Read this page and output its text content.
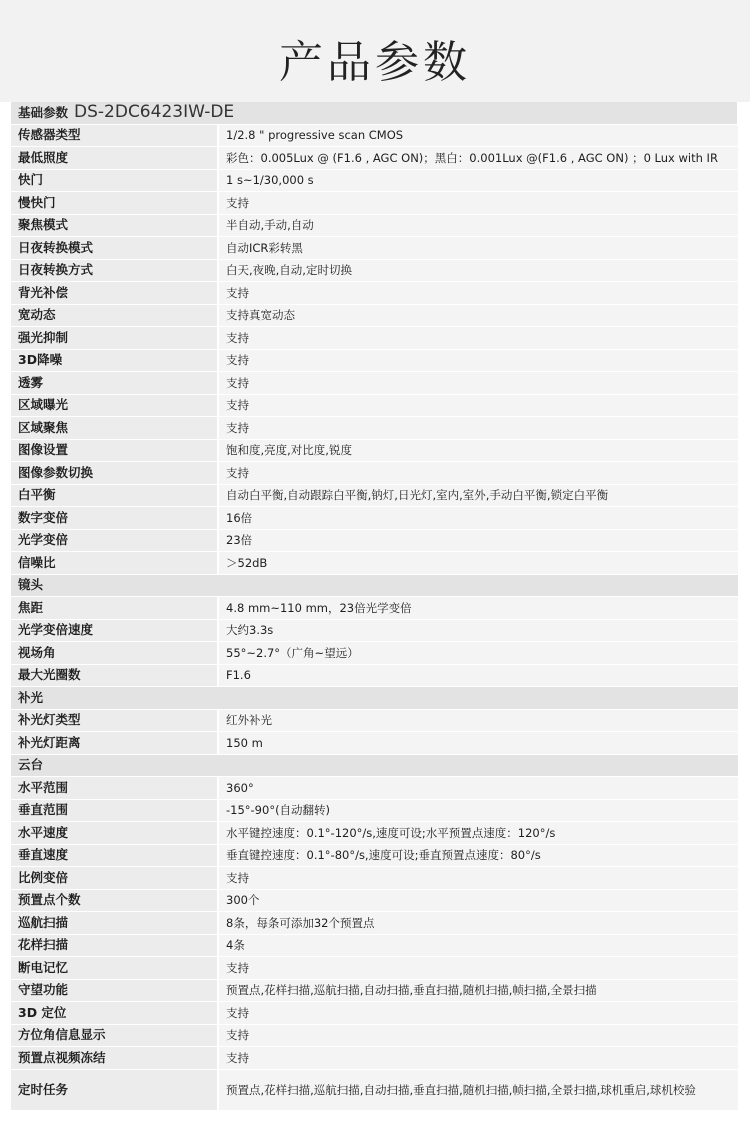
产品参数
基础参数 DS-2DC6423IW-DE	
传感器类型	1/2.8 " progressive scan CMOS
最低照度	彩色：0.005Lux @ (F1.6 , AGC ON)；黑白：0.001Lux @(F1.6 , AGC ON) ；0 Lux with IR
快门	1 s~1/30,000 s
慢快门	支持
聚焦模式	半自动,手动,自动
日夜转换模式	自动ICR彩转黑
日夜转换方式	白天,夜晚,自动,定时切换
背光补偿	支持
宽动态	支持真宽动态
强光抑制	支持
3D降噪	支持
透雾	支持
区域曝光	支持
区域聚焦	支持
图像设置	饱和度,亮度,对比度,锐度
图像参数切换	支持
白平衡	自动白平衡,自动跟踪白平衡,钠灯,日光灯,室内,室外,手动白平衡,锁定白平衡
数字变倍	16倍
光学变倍	23倍
信噪比	＞52dB
镜头	
焦距	4.8 mm~110 mm，23倍光学变倍
光学变倍速度	大约3.3s
视场角	55°~2.7°（广角~望远）
最大光圈数	F1.6
补光	
补光灯类型	红外补光
补光灯距离	150 m
云台	
水平范围	360°
垂直范围	-15°-90°(自动翻转)
水平速度	水平键控速度：0.1°-120°/s,速度可设;水平预置点速度：120°/s
垂直速度	垂直键控速度：0.1°-80°/s,速度可设;垂直预置点速度：80°/s
比例变倍	支持
预置点个数	300个
巡航扫描	8条，每条可添加32个预置点
花样扫描	4条
断电记忆	支持
守望功能	预置点,花样扫描,巡航扫描,自动扫描,垂直扫描,随机扫描,帧扫描,全景扫描
3D 定位	支持
方位角信息显示	支持
预置点视频冻结	支持
定时任务	预置点,花样扫描,巡航扫描,自动扫描,垂直扫描,随机扫描,帧扫描,全景扫描,球机重启,球机校验
